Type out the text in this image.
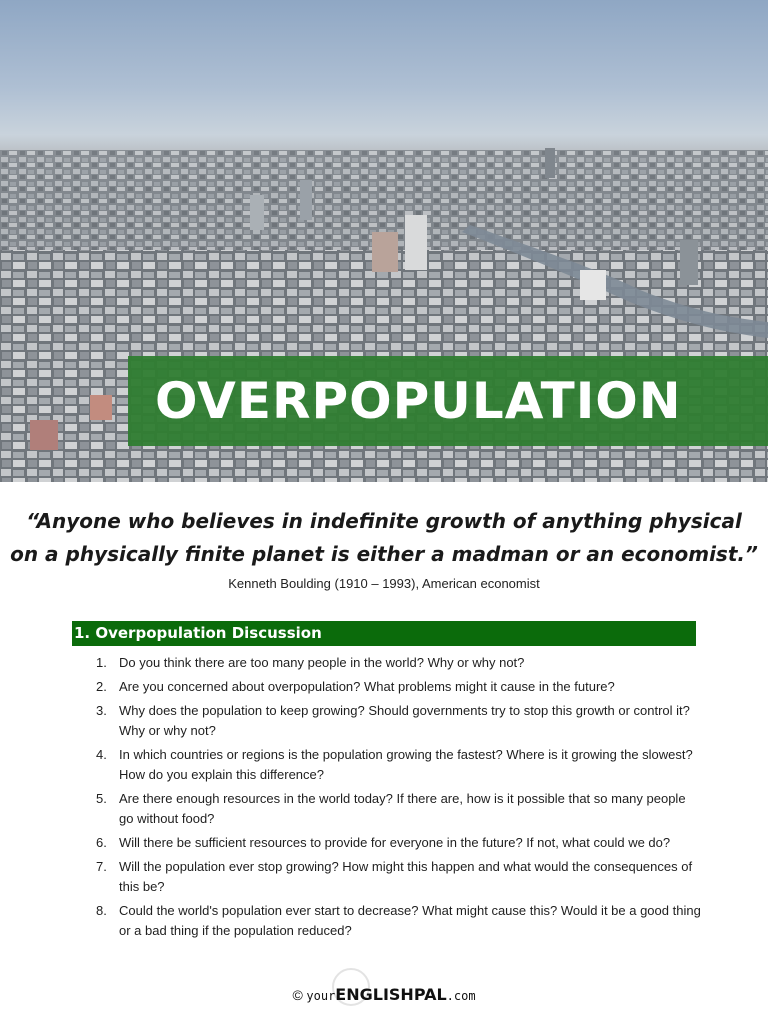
OVERPOPULATION
“Anyone who believes in indefinite growth of anything physical
on a physically finite planet is either a madman or an economist.”
Kenneth Boulding (1910 – 1993), American economist
1. Overpopulation Discussion
1. Do you think there are too many people in the world? Why or why not?
2. Are you concerned about overpopulation? What problems might it cause in the future?
3. Why does the population to keep growing? Should governments try to stop this growth or control it? Why or why not?
4. In which countries or regions is the population growing the fastest? Where is it growing the slowest? How do you explain this difference?
5. Are there enough resources in the world today? If there are, how is it possible that so many people go without food?
6. Will there be sufficient resources to provide for everyone in the future? If not, what could we do?
7. Will the population ever stop growing? How might this happen and what would the consequences of this be?
8. Could the world's population ever start to decrease? What might cause this? Would it be a good thing or a bad thing if the population reduced?
© yourENGLISHPAL.com
